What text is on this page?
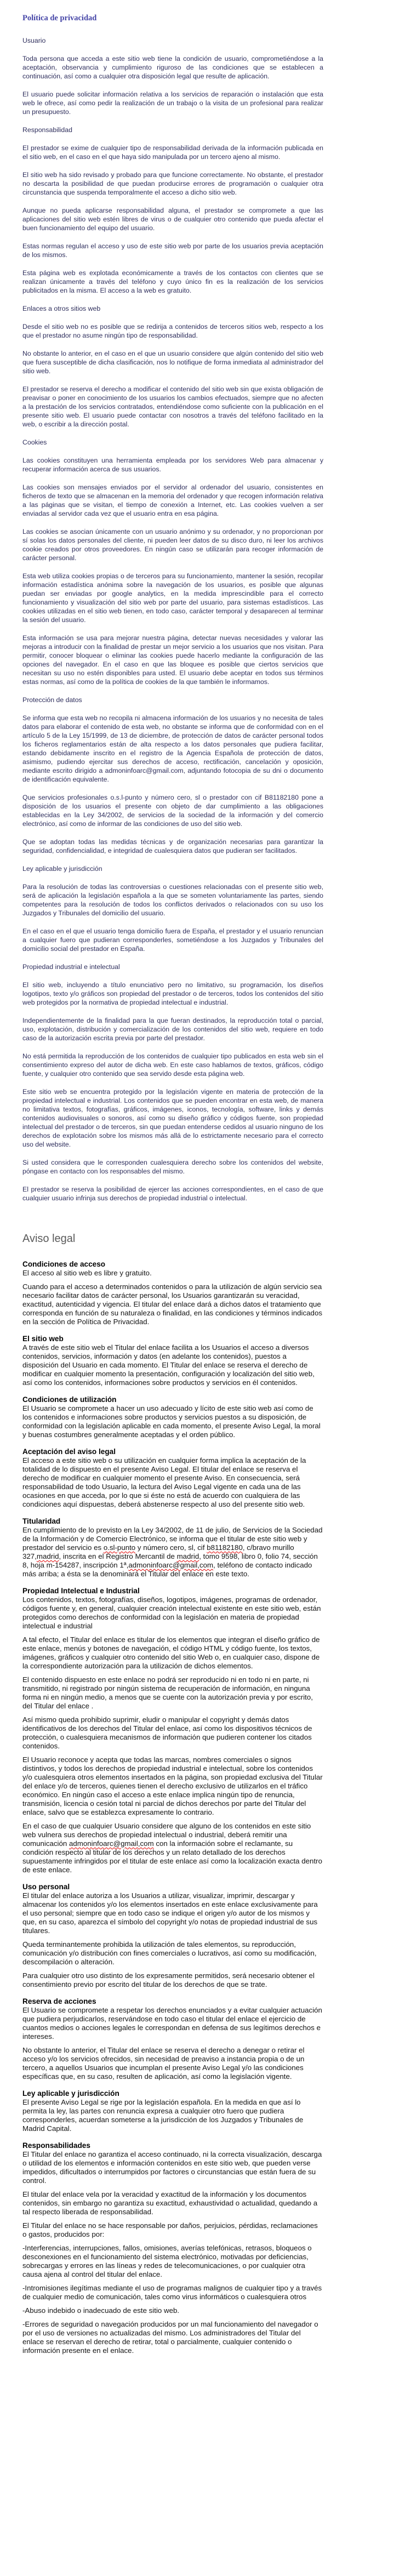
Política de privacidad

Usuario

Toda persona que acceda a este sitio web tiene la condición de usuario, comprometiéndose a la aceptación, observancia y cumplimiento riguroso de las condiciones que se establecen a continuación, así como a cualquier otra disposición legal que resulte de aplicación.

El usuario puede solicitar información relativa a los servicios de reparación o instalación que esta web le ofrece, así como pedir la realización de un trabajo o la visita de un profesional para realizar un presupuesto.

Responsabilidad

El prestador se exime de cualquier tipo de responsabilidad derivada de la información publicada en el sitio web, en el caso en el que haya sido manipulada por un tercero ajeno al mismo.

El sitio web ha sido revisado y probado para que funcione correctamente. No obstante, el prestador no descarta la posibilidad de que puedan producirse errores de programación o cualquier otra circunstancia que suspenda temporalmente el acceso a dicho sitio web.

Aunque no pueda aplicarse responsabilidad alguna, el prestador se compromete a que las aplicaciones del sitio web estén libres de virus o de cualquier otro contenido que pueda afectar el buen funcionamiento del equipo del usuario.

Estas normas regulan el acceso y uso de este sitio web por parte de los usuarios previa aceptación de los mismos.

Esta página web es explotada económicamente a través de los contactos con clientes que se realizan únicamente a través del teléfono y cuyo único fin es la realización de los servicios publicitados en la misma. El acceso a la web es gratuito.

Enlaces a otros sitios web

Desde el sitio web no es posible que se redirija a contenidos de terceros sitios web, respecto a los que el prestador no asume ningún tipo de responsabilidad.

No obstante lo anterior, en el caso en el que un usuario considere que algún contenido del sitio web que fuera susceptible de dicha clasificación, nos lo notifique de forma inmediata al administrador del sitio web.

El prestador se reserva el derecho a modificar el contenido del sitio web sin que exista obligación de preavisar o poner en conocimiento de los usuarios los cambios efectuados, siempre que no afecten a la prestación de los servicios contratados, entendiéndose como suficiente con la publicación en el presente sitio web. El usuario puede contactar con nosotros a través del teléfono facilitado en la web, o escribir a la dirección postal.

Cookies

Las cookies constituyen una herramienta empleada por los servidores Web para almacenar y recuperar información acerca de sus usuarios.

Las cookies son mensajes enviados por el servidor al ordenador del usuario, consistentes en ficheros de texto que se almacenan en la memoria del ordenador y que recogen información relativa a las páginas que se visitan, el tiempo de conexión a Internet, etc. Las cookies vuelven a ser enviadas al servidor cada vez que el usuario entra en esa página.

Las cookies se asocian únicamente con un usuario anónimo y su ordenador, y no proporcionan por sí solas los datos personales del cliente, ni pueden leer datos de su disco duro, ni leer los archivos cookie creados por otros proveedores. En ningún caso se utilizarán para recoger información de carácter personal.

Esta web utiliza cookies propias o de terceros para su funcionamiento, mantener la sesión, recopilar información estadística anónima sobre la navegación de los usuarios, es posible que algunas puedan ser enviadas por google analytics, en la medida imprescindible para el correcto funcionamiento y visualización del sitio web por parte del usuario, para sistemas estadísticos. Las cookies utilizadas en el sitio web tienen, en todo caso, carácter temporal y desaparecen al terminar la sesión del usuario.

Esta información se usa para mejorar nuestra página, detectar nuevas necesidades y valorar las mejoras a introducir con la finalidad de prestar un mejor servicio a los usuarios que nos visitan. Para permitir, conocer bloquear o eliminar las cookies puede hacerlo mediante la configuración de las opciones del navegador. En el caso en que las bloquee es posible que ciertos servicios que necesitan su uso no estén disponibles para usted. El usuario debe aceptar en todos sus términos estas normas, así como de la política de cookies de la que también le informamos.

Protección de datos

Se informa que esta web no recopila ni almacena información de los usuarios y no necesita de tales datos para elaborar el contenido de esta web, no obstante se informa que de conformidad con en el artículo 5 de la Ley 15/1999, de 13 de diciembre, de protección de datos de carácter personal todos los ficheros reglamentarios están de alta respecto a los datos personales que pudiera facilitar, estando debidamente inscrito en el registro de la Agencia Española de protección de datos, asimismo, pudiendo ejercitar sus derechos de acceso, rectificación, cancelación y oposición, mediante escrito dirigido a admoninfoarc@gmail.com, adjuntando fotocopia de su dni o documento de identificación equivalente.

Que servicios profesionales o.s.l-punto y número cero, sl o prestador con cif B81182180 pone a disposición de los usuarios el presente con objeto de dar cumplimiento a las obligaciones establecidas en la Ley 34/2002, de servicios de la sociedad de la información y del comercio electrónico, así como de informar de las condiciones de uso del sitio web.

Que se adoptan todas las medidas técnicas y de organización necesarias para garantizar la seguridad, confidencialidad, e integridad de cualesquiera datos que pudieran ser facilitados.

Ley aplicable y jurisdicción

Para la resolución de todas las controversias o cuestiones relacionadas con el presente sitio web, será de aplicación la legislación española a la que se someten voluntariamente las partes, siendo competentes para la resolución de todos los conflictos derivados o relacionados con su uso los Juzgados y Tribunales del domicilio del usuario.

En el caso en el que el usuario tenga domicilio fuera de España, el prestador y el usuario renuncian a cualquier fuero que pudieran corresponderles, sometiéndose a los Juzgados y Tribunales del domicilio social del prestador en España.

Propiedad industrial e intelectual

El sitio web, incluyendo a título enunciativo pero no limitativo, su programación, los diseños logotipos, texto y/o gráficos son propiedad del prestador o de terceros, todos los contenidos del sitio web protegidos por la normativa de propiedad intelectual e industrial.

Independientemente de la finalidad para la que fueran destinados, la reproducción total o parcial, uso, explotación, distribución y comercialización de los contenidos del sitio web, requiere en todo caso de la autorización escrita previa por parte del prestador.

No está permitida la reproducción de los contenidos de cualquier tipo publicados en esta web sin el consentimiento expreso del autor de dicha web. En este caso hablamos de textos, gráficos, código fuente, y cualquier otro contenido que sea servido desde esta página web.

Este sitio web se encuentra protegido por la legislación vigente en materia de protección de la propiedad intelectual e industrial. Los contenidos que se pueden encontrar en esta web, de manera no limitativa textos, fotografías, gráficos, imágenes, iconos, tecnología, software, links y demás contenidos audiovisuales o sonoros, así como su diseño gráfico y códigos fuente, son propiedad intelectual del prestador o de terceros, sin que puedan entenderse cedidos al usuario ninguno de los derechos de explotación sobre los mismos más allá de lo estrictamente necesario para el correcto uso del website.

Si usted considera que le corresponden cualesquiera derecho sobre los contenidos del website, póngase en contacto con los responsables del mismo.

El prestador se reserva la posibilidad de ejercer las acciones correspondientes, en el caso de que cualquier usuario infrinja sus derechos de propiedad industrial o intelectual.

Aviso legal
Condiciones de acceso

El acceso al sitio web es libre y gratuito.

Cuando para el acceso a determinados contenidos o para la utilización de algún servicio sea necesario facilitar datos de carácter personal, los Usuarios garantizarán su veracidad, exactitud, autenticidad y vigencia. El titular del enlace dará a dichos datos el tratamiento que corresponda en función de su naturaleza o finalidad, en las condiciones y términos indicados en la sección de Política de Privacidad.

El sitio web

A través de este sitio web el Titular del enlace facilita a los Usuarios el acceso a diversos contenidos, servicios, información y datos (en adelante los contenidos), puestos a disposición del Usuario en cada momento. El Titular del enlace se reserva el derecho de modificar en cualquier momento la presentación, configuración y localización del sitio web, así como los contenidos, informaciones sobre productos y servicios en él contenidos.

Condiciones de utilización

El Usuario se compromete a hacer un uso adecuado y lícito de este sitio web así como de los contenidos e informaciones sobre productos y servicios puestos a su disposición, de conformidad con la legislación aplicable en cada momento, el presente Aviso Legal, la moral y buenas costumbres generalmente aceptadas y el orden público.

Aceptación del aviso legal

El acceso a este sitio web o su utilización en cualquier forma implica la aceptación de la totalidad de lo dispuesto en el presente Aviso Legal. El titular del enlace se reserva el derecho de modificar en cualquier momento el presente Aviso. En consecuencia, será responsabilidad de todo Usuario, la lectura del Aviso Legal vigente en cada una de las ocasiones en que acceda, por lo que si éste no está de acuerdo con cualquiera de las condiciones aquí dispuestas, deberá abstenerse respecto al uso del presente sitio web.

Titularidad

En cumplimiento de lo previsto en la Ley 34/2002, de 11 de julio, de Servicios de la Sociedad de la Información y de Comercio Electrónico, se informa que el titular de este sitio web y prestador del servicio es o.sl-punto y número cero, sl, cif b81182180, c/bravo murillo 327,madrid, inscrita en el Registro Mercantil de madrid, tomo 9598, libro 0, folio 74, sección 8, hoja m-154287, inscripción 1ª,admoninfoarc@gmail,com, teléfono de contacto indicado más arriba; a ésta se la denominará el Titular del enlace en este texto.

Propiedad Intelectual e Industrial

Los contenidos, textos, fotografías, diseños, logotipos, imágenes, programas de ordenador, códigos fuente y, en general, cualquier creación intelectual existente en este sitio web, están protegidos como derechos de conformidad con la legislación en materia de propiedad intelectual e industrial

A tal efecto, el Titular del enlace es titular de los elementos que integran el diseño gráfico de este enlace, menús y botones de navegación, el código HTML y código fuente, los textos, imágenes, gráficos y cualquier otro contenido del sitio Web o, en cualquier caso, dispone de la correspondiente autorización para la utilización de dichos elementos.

El contenido dispuesto en este enlace no podrá ser reproducido ni en todo ni en parte, ni transmitido, ni registrado por ningún sistema de recuperación de información, en ninguna forma ni en ningún medio, a menos que se cuente con la autorización previa y por escrito, del Titular del enlace .

Así mismo queda prohibido suprimir, eludir o manipular el copyright y demás datos identificativos de los derechos del Titular del enlace, así como los dispositivos técnicos de protección, o cualesquiera mecanismos de información que pudieren contener los citados contenidos.

El Usuario reconoce y acepta que todas las marcas, nombres comerciales o signos distintivos, y todos los derechos de propiedad industrial e intelectual, sobre los contenidos y/o cualesquiera otros elementos insertados en la página, son propiedad exclusiva del Titular del enlace y/o de terceros, quienes tienen el derecho exclusivo de utilizarlos en el tráfico económico. En ningún caso el acceso a este enlace implica ningún tipo de renuncia, transmisión, licencia o cesión total ni parcial de dichos derechos por parte del Titular del enlace, salvo que se establezca expresamente lo contrario.

En el caso de que cualquier Usuario considere que alguno de los contenidos en este sitio web vulnera sus derechos de propiedad intelectual o industrial, deberá remitir una comunicación admoninfoarc@gmail,com con la información sobre el reclamante, su condición respecto al titular de los derechos y un relato detallado de los derechos supuestamente infringidos por el titular de este enlace así como la localización exacta dentro de este enlace.

Uso personal

El titular del enlace autoriza a los Usuarios a utilizar, visualizar, imprimir, descargar y almacenar los contenidos y/o los elementos insertados en este enlace exclusivamente para el uso personal; siempre que en todo caso se indique el origen y/o autor de los mismos y que, en su caso, aparezca el símbolo del copyright y/o notas de propiedad industrial de sus titulares.

Queda terminantemente prohibida la utilización de tales elementos, su reproducción, comunicación y/o distribución con fines comerciales o lucrativos, así como su modificación, descompilación o alteración.

Para cualquier otro uso distinto de los expresamente permitidos, será necesario obtener el consentimiento previo por escrito del titular de los derechos de que se trate.

Reserva de acciones

El Usuario se compromete a respetar los derechos enunciados y a evitar cualquier actuación que pudiera perjudicarlos, reservándose en todo caso el titular del enlace el ejercicio de cuantos medios o acciones legales le correspondan en defensa de sus legítimos derechos e intereses.

No obstante lo anterior, el Titular del enlace se reserva el derecho a denegar o retirar el acceso y/o los servicios ofrecidos, sin necesidad de preaviso a instancia propia o de un tercero, a aquellos Usuarios que incumplan el presente Aviso Legal y/o las condiciones específicas que, en su caso, resulten de aplicación, así como la legislación vigente.

Ley aplicable y jurisdicción

El presente Aviso Legal se rige por la legislación española. En la medida en que así lo permita la ley, las partes con renuncia expresa a cualquier otro fuero que pudiera corresponderles, acuerdan someterse a la jurisdicción de los Juzgados y Tribunales de Madrid Capital.

Responsabilidades

El Titular del enlace no garantiza el acceso continuado, ni la correcta visualización, descarga o utilidad de los elementos e información contenidos en este sitio web, que pueden verse impedidos, dificultados o interrumpidos por factores o circunstancias que están fuera de su control.

El titular del enlace vela por la veracidad y exactitud de la información y los documentos contenidos, sin embargo no garantiza su exactitud, exhaustividad o actualidad, quedando a tal respecto liberada de responsabilidad.

El Titular del enlace no se hace responsable por daños, perjuicios, pérdidas, reclamaciones o gastos, producidos por:

-Interferencias, interrupciones, fallos, omisiones, averías telefónicas, retrasos, bloqueos o desconexiones en el funcionamiento del sistema electrónico, motivadas por deficiencias, sobrecargas y errores en las líneas y redes de telecomunicaciones, o por cualquier otra causa ajena al control del titular del enlace.

-Intromisiones ilegítimas mediante el uso de programas malignos de cualquier tipo y a través de cualquier medio de comunicación, tales como virus informáticos o cualesquiera otros

-Abuso indebido o inadecuado de este sitio web.

-Errores de seguridad o navegación producidos por un mal funcionamiento del navegador o por el uso de versiones no actualizadas del mismo. Los administradores del Titular del enlace se reservan el derecho de retirar, total o parcialmente, cualquier contenido o información presente en el enlace.
